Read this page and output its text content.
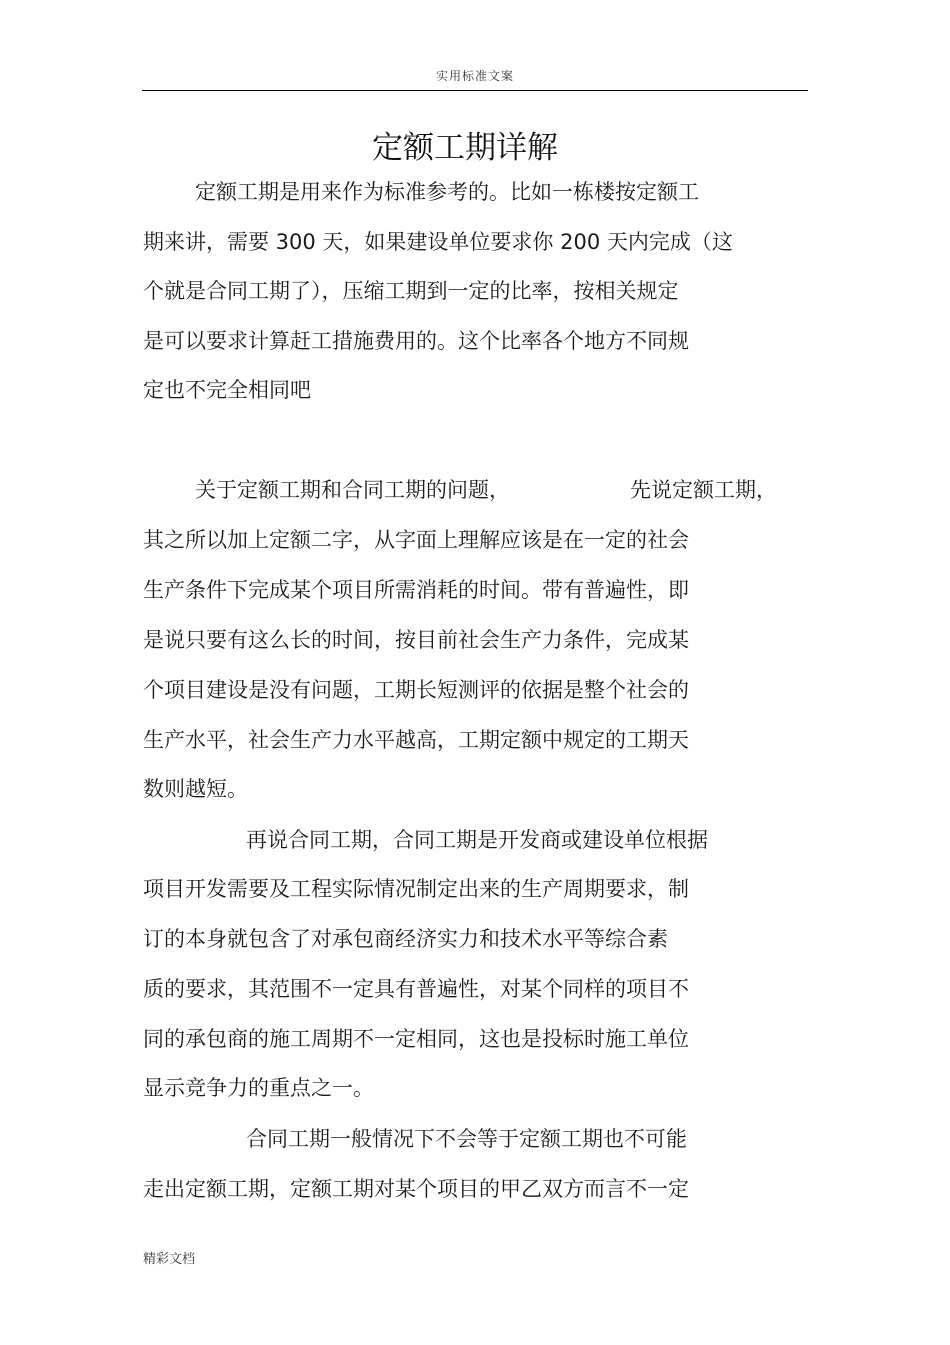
实用标准文案
定额工期详解
定额工期是用来作为标准参考的。比如一栋楼按定额工
期来讲，需要 300 天，如果建设单位要求你 200 天内完成（这
个就是合同工期了），压缩工期到一定的比率，按相关规定
是可以要求计算赶工措施费用的。这个比率各个地方不同规
定也不完全相同吧
关于定额工期和合同工期的问题，	先说定额工期，
其之所以加上定额二字，从字面上理解应该是在一定的社会
生产条件下完成某个项目所需消耗的时间。带有普遍性，即
是说只要有这么长的时间，按目前社会生产力条件，完成某
个项目建设是没有问题，工期长短测评的依据是整个社会的
生产水平，社会生产力水平越高，工期定额中规定的工期天
数则越短。
再说合同工期，合同工期是开发商或建设单位根据
项目开发需要及工程实际情况制定出来的生产周期要求，制
订的本身就包含了对承包商经济实力和技术水平等综合素
质的要求，其范围不一定具有普遍性，对某个同样的项目不
同的承包商的施工周期不一定相同，这也是投标时施工单位
显示竞争力的重点之一。
合同工期一般情况下不会等于定额工期也不可能
走出定额工期，定额工期对某个项目的甲乙双方而言不一定
精彩文档
